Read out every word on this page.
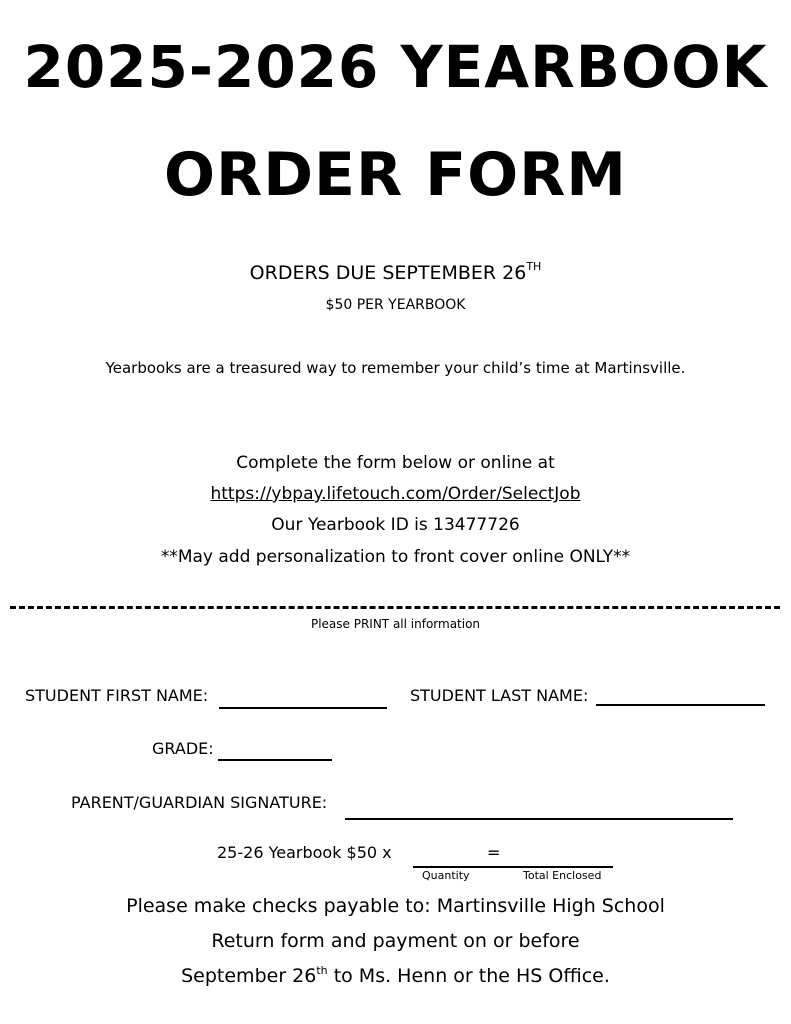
2025-2026 YEARBOOK
ORDER FORM
ORDERS DUE SEPTEMBER 26TH
$50 PER YEARBOOK
Yearbooks are a treasured way to remember your child’s time at Martinsville.
Complete the form below or online at
https://ybpay.lifetouch.com/Order/SelectJob
Our Yearbook ID is 13477726
**May add personalization to front cover online ONLY**
Please PRINT all information
STUDENT FIRST NAME:	STUDENT LAST NAME:
GRADE:
PARENT/GUARDIAN SIGNATURE:
25-26 Yearbook $50 x	=
Quantity	Total Enclosed
Please make checks payable to: Martinsville High School
Return form and payment on or before
September 26th to Ms. Henn or the HS Office.
